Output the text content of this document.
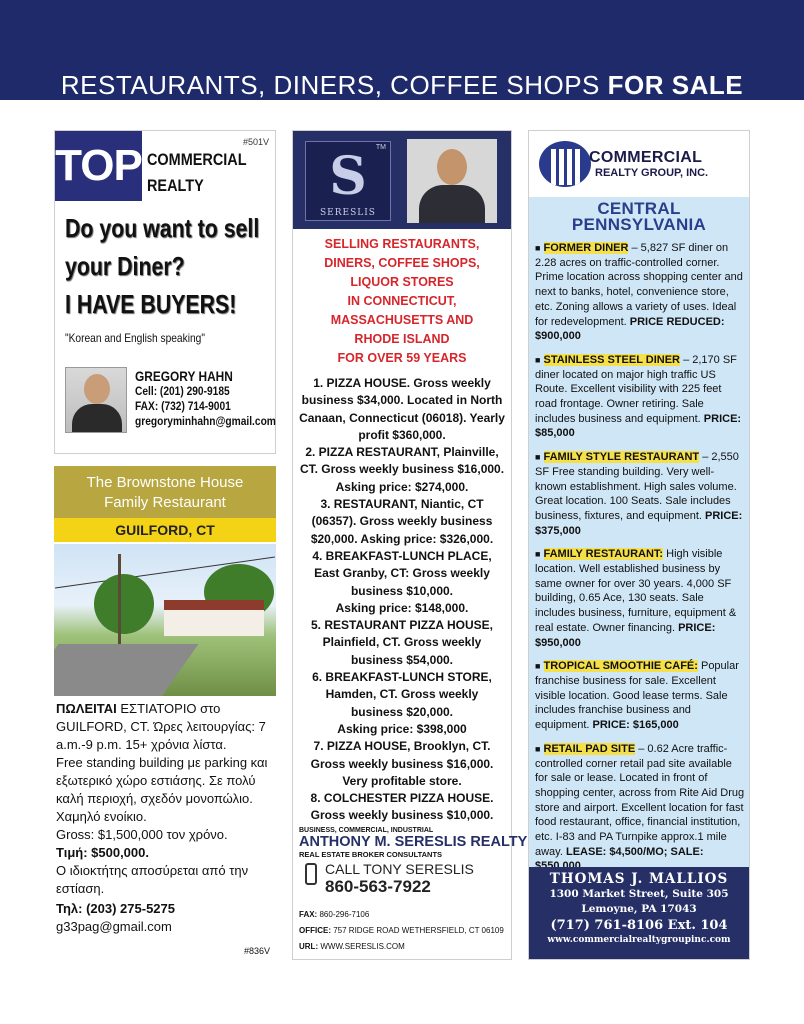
RESTAURANTS, DINERS, COFFEE SHOPS FOR SALE
TOP COMMERCIAL
REALTY
#501V
Do you want to sell
your Diner?
I HAVE BUYERS!
"Korean and English speaking"
GREGORY HAHN
Cell: (201) 290-9185
FAX: (732) 714-9001
gregoryminhahn@gmail.com
The Brownstone House
Family Restaurant
GUILFORD, CT
ΠΩΛΕΙΤΑΙ ΕΣΤΙΑΤΟΡΙΟ στο GUILFORD, CT. Ώρες λειτουργίας: 7 a.m.-9 p.m. 15+ χρόνια λίστα.
Free standing building με parking και εξωτερικό χώρο εστιάσης. Σε πολύ καλή περιοχή, σχεδόν μονοπώλιο. Χαμηλό ενοίκιο.
Gross: $1,500,000 τον χρόνο.
Τιμή: $500,000.
Ο ιδιοκτήτης αποσύρεται από την εστίαση.
Τηλ: (203) 275-5275
g33pag@gmail.com
#836V
TM
S
SERESLIS
SELLING RESTAURANTS,
DINERS, COFFEE SHOPS,
LIQUOR STORES
IN CONNECTICUT,
MASSACHUSETTS AND
RHODE ISLAND
FOR OVER 59 YEARS
1. PIZZA HOUSE. Gross weekly business $34,000. Located in North Canaan, Connecticut (06018). Yearly profit $360,000.
2. PIZZA RESTAURANT, Plainville, CT. Gross weekly business $16,000. Asking price: $274,000.
3. RESTAURANT, Niantic, CT (06357). Gross weekly business $20,000. Asking price: $326,000.
4. BREAKFAST-LUNCH PLACE, East Granby, CT: Gross weekly business $10,000.
Asking price: $148,000.
5. RESTAURANT PIZZA HOUSE, Plainfield, CT. Gross weekly business $54,000.
6. BREAKFAST-LUNCH STORE, Hamden, CT. Gross weekly business $20,000.
Asking price: $398,000
7. PIZZA HOUSE, Brooklyn, CT. Gross weekly business $16,000. Very profitable store.
8. COLCHESTER PIZZA HOUSE. Gross weekly business $10,000.
BUSINESS, COMMERCIAL, INDUSTRIAL
ANTHONY M. SERESLIS REALTY
REAL ESTATE BROKER CONSULTANTS
CALL TONY SERESLIS
860-563-7922
FAX: 860-296-7106
OFFICE: 757 RIDGE ROAD WETHERSFIELD, CT 06109
URL: WWW.SERESLIS.COM
COMMERCIAL
REALTY GROUP, INC.
CENTRAL
PENNSYLVANIA

■ FORMER DINER – 5,827 SF diner on 2.28 acres on traffic-controlled corner. Prime location across shopping center and next to banks, hotel, convenience store, etc. Zoning allows a variety of uses. Ideal for redevelopment. PRICE REDUCED: $900,000

■ STAINLESS STEEL DINER – 2,170 SF diner located on major high traffic US Route. Excellent visibility with 225 feet road frontage. Owner retiring. Sale includes business and equipment. PRICE: $85,000

■ FAMILY STYLE RESTAURANT – 2,550 SF Free standing building. Very well-known establishment. High sales volume. Great location. 100 Seats. Sale includes business, fixtures, and equipment. PRICE: $375,000

■ FAMILY RESTAURANT: High visible location. Well established business by same owner for over 30 years. 4,000 SF building, 0.65 Ace, 130 seats. Sale includes business, furniture, equipment & real estate. Owner financing. PRICE: $950,000

■ TROPICAL SMOOTHIE CAFÉ: Popular franchise business for sale. Excellent visible location. Good lease terms. Sale includes franchise business and equipment. PRICE: $165,000

■ RETAIL PAD SITE – 0.62 Acre traffic-controlled corner retail pad site available for sale or lease. Located in front of shopping center, across from Rite Aid Drug store and airport. Excellent location for fast food restaurant, office, financial institution, etc. I-83 and PA Turnpike approx.1 mile away. LEASE: $4,500/MO; SALE:

THOMAS J. MALLIOS
1300 Market Street, Suite 305
Lemoyne, PA 17043
(717) 761-8106 Ext. 104
www.commercialrealtygroupinc.com
